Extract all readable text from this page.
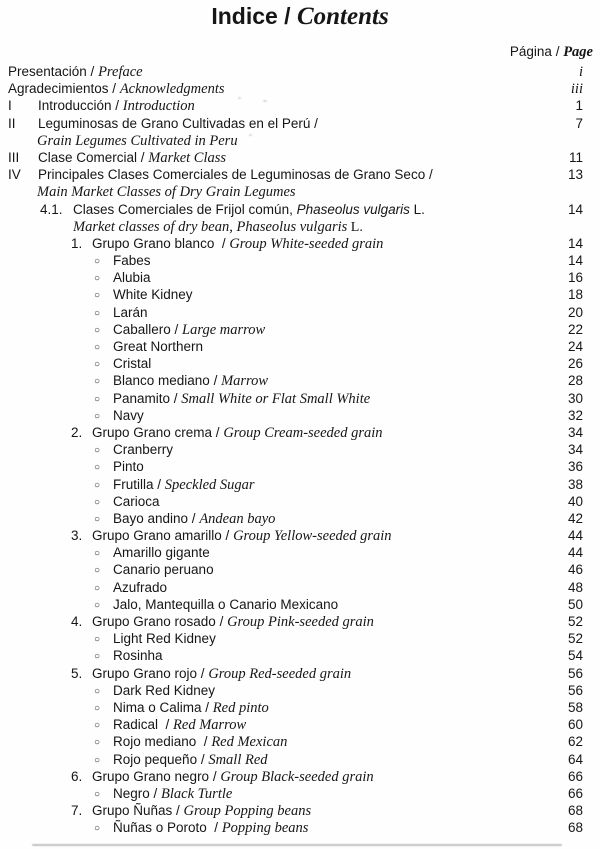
Indice / Contents
Página / Page
Presentación / Preface	i
Agradecimientos / Acknowledgments	iii
I	Introducción / Introduction	1
II	Leguminosas de Grano Cultivadas en el Perú /	7
Grain Legumes Cultivated in Peru
III	Clase Comercial / Market Class	11
IV	Principales Clases Comerciales de Leguminosas de Grano Seco /	13
Main Market Classes of Dry Grain Legumes
4.1. Clases Comerciales de Frijol común, Phaseolus vulgaris L.	14
Market classes of dry bean, Phaseolus vulgaris L.
1. Grupo Grano blanco  / Group White-seeded grain	14
○ Fabes	14
○ Alubia	16
○ White Kidney	18
○ Larán	20
○ Caballero / Large marrow	22
○ Great Northern	24
○ Cristal	26
○ Blanco mediano / Marrow	28
○ Panamito / Small White or Flat Small White	30
○ Navy	32
2. Grupo Grano crema / Group Cream-seeded grain	34
○ Cranberry	34
○ Pinto	36
○ Frutilla / Speckled Sugar	38
○ Carioca	40
○ Bayo andino / Andean bayo	42
3. Grupo Grano amarillo / Group Yellow-seeded grain	44
○ Amarillo gigante	44
○ Canario peruano	46
○ Azufrado	48
○ Jalo, Mantequilla o Canario Mexicano	50
4. Grupo Grano rosado / Group Pink-seeded grain	52
○ Light Red Kidney	52
○ Rosinha	54
5. Grupo Grano rojo / Group Red-seeded grain	56
○ Dark Red Kidney	56
○ Nima o Calima / Red pinto	58
○ Radical  / Red Marrow	60
○ Rojo mediano  / Red Mexican	62
○ Rojo pequeño / Small Red	64
6. Grupo Grano negro / Group Black-seeded grain	66
○ Negro / Black Turtle	66
7. Grupo Ñuñas / Group Popping beans	68
○ Ñuñas o Poroto  / Popping beans	68
